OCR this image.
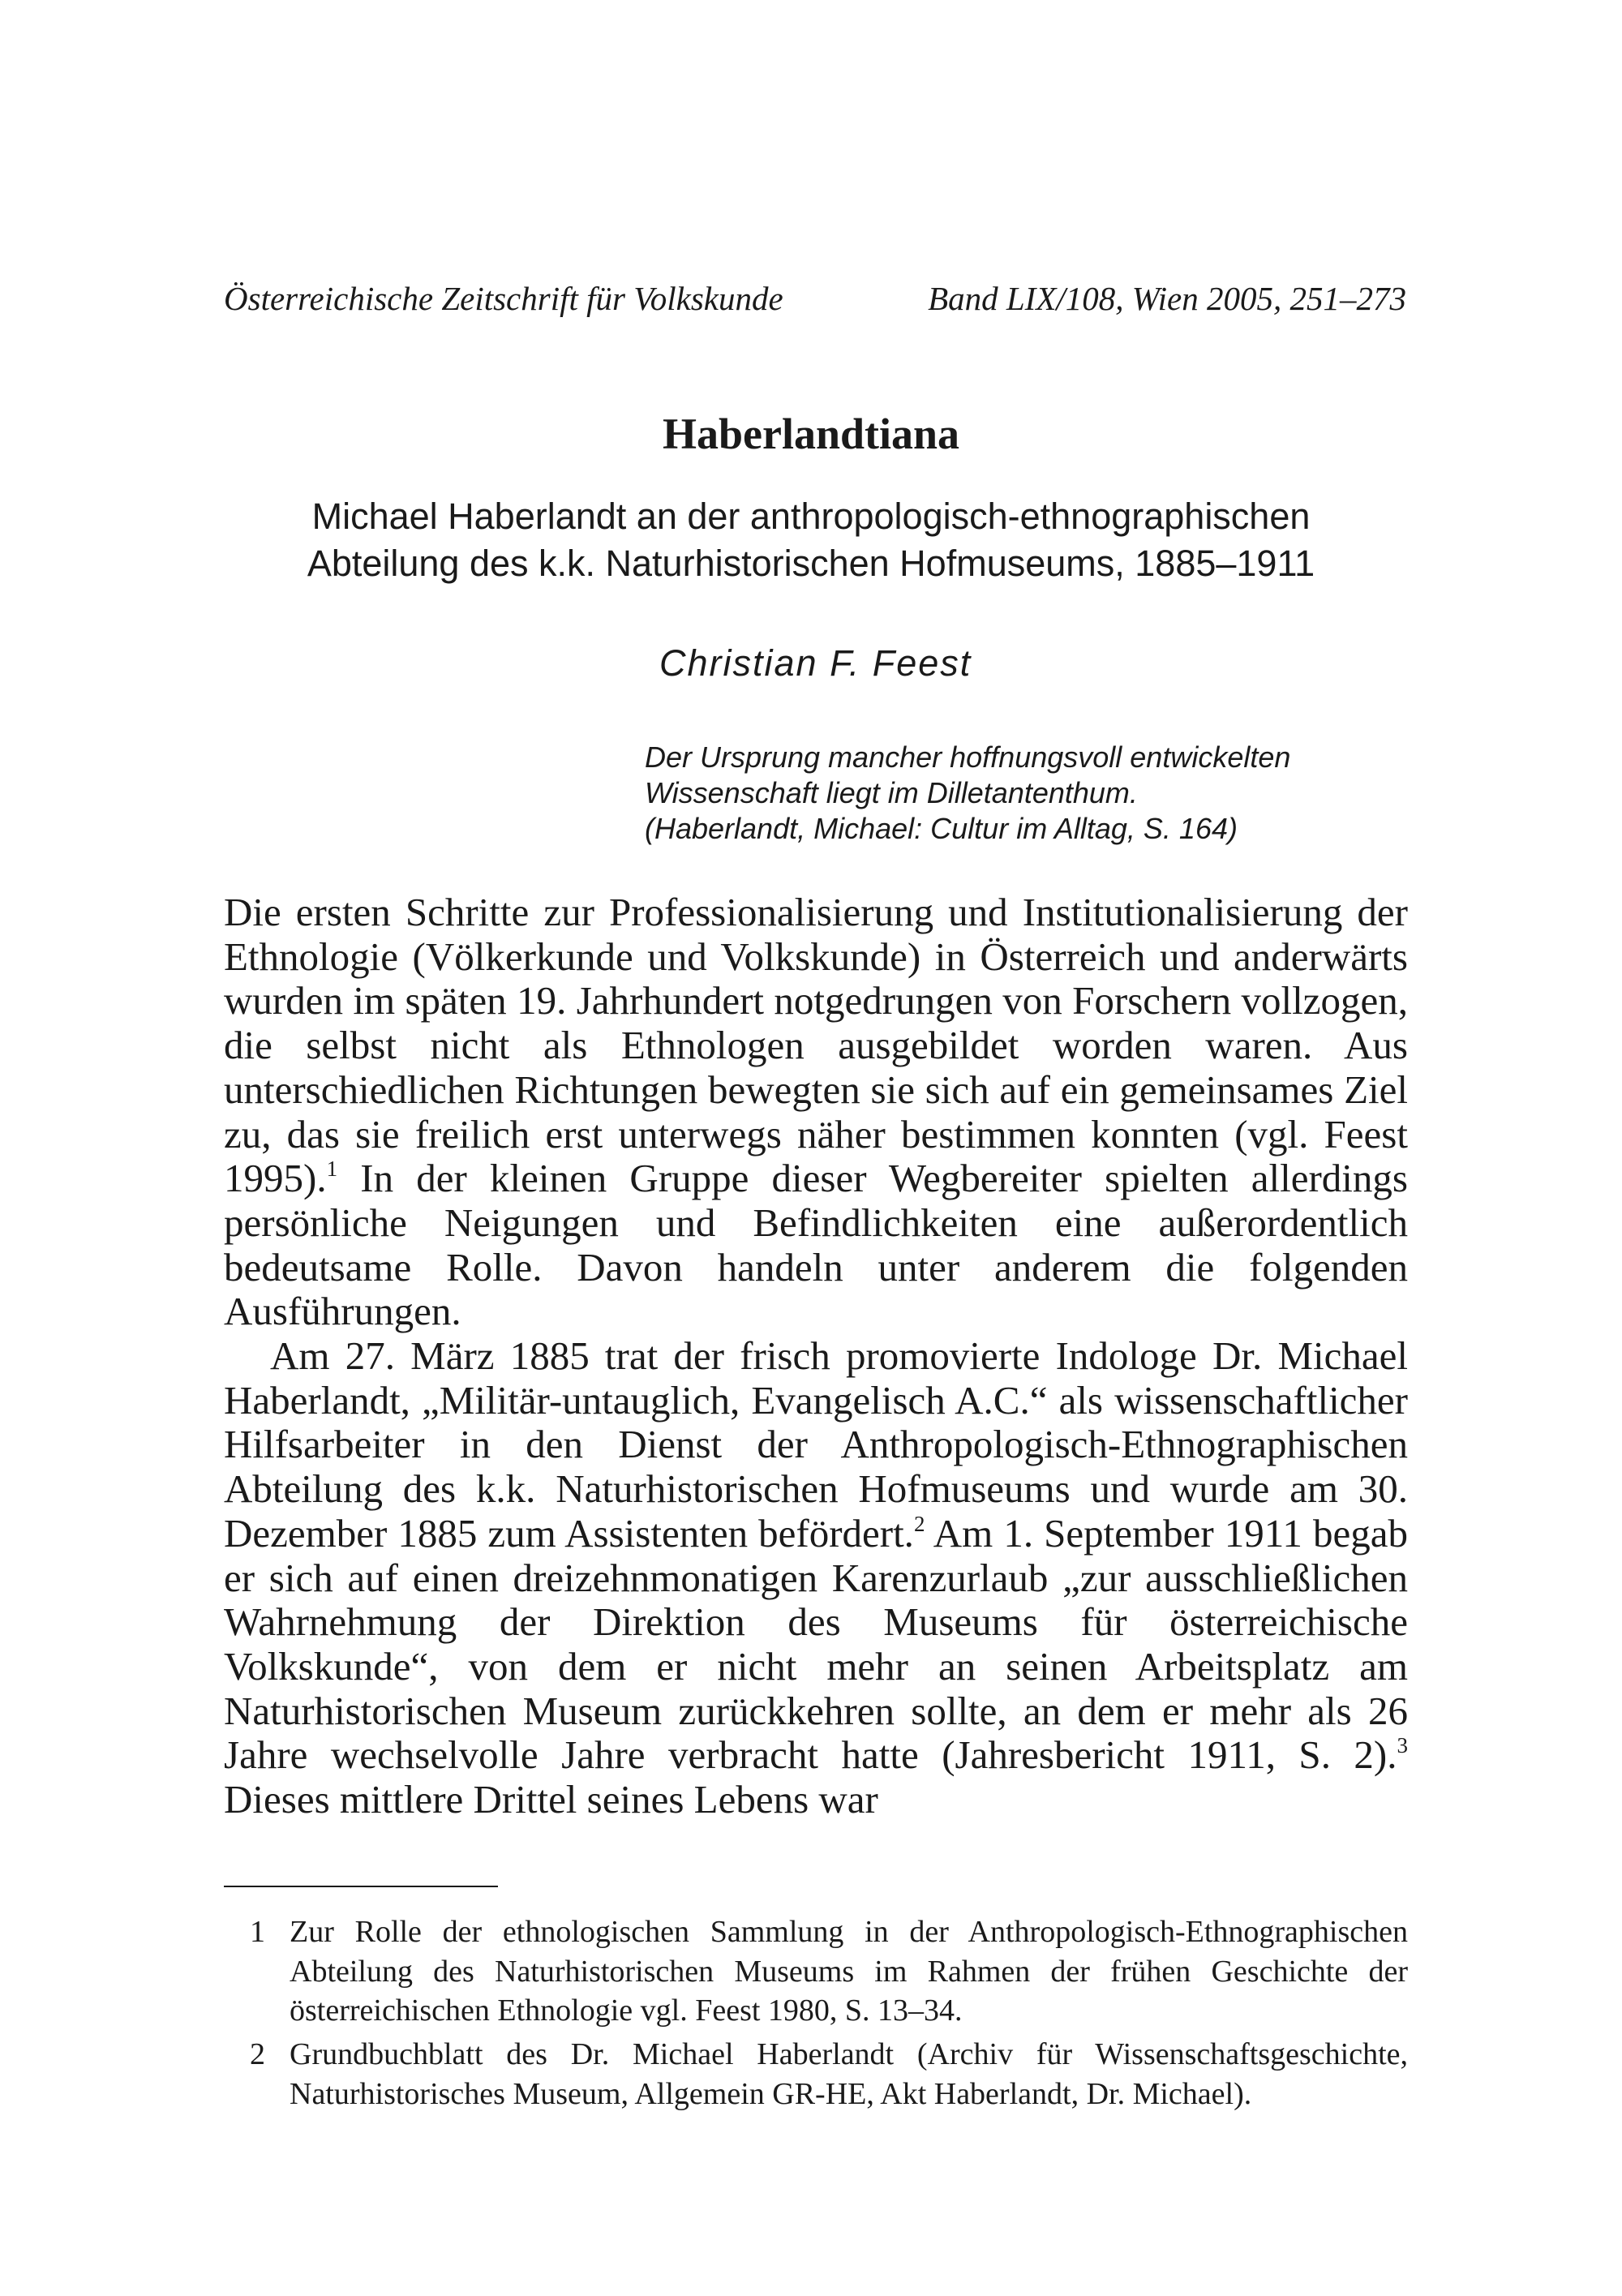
Österreichische Zeitschrift für Volkskunde	Band LIX/108, Wien 2005, 251–273
Haberlandtiana
Michael Haberlandt an der anthropologisch-ethnographischen
Abteilung des k.k. Naturhistorischen Hofmuseums, 1885–1911
Christian F. Feest
Der Ursprung mancher hoffnungsvoll entwickelten
Wissenschaft liegt im Dilletantenthum.
(Haberlandt, Michael: Cultur im Alltag, S. 164)

Die ersten Schritte zur Professionalisierung und Institutionalisierung der Ethnologie (Völkerkunde und Volkskunde) in Österreich und anderwärts wurden im späten 19. Jahrhundert notgedrungen von Forschern vollzogen, die selbst nicht als Ethnologen ausgebildet worden waren. Aus unterschiedlichen Richtungen bewegten sie sich auf ein gemeinsames Ziel zu, das sie freilich erst unterwegs näher bestimmen konnten (vgl. Feest 1995).$^1$ In der kleinen Gruppe dieser Wegbereiter spielten allerdings persönliche Neigungen und Befindlichkeiten eine außerordentlich bedeutsame Rolle. Davon handeln unter anderem die folgenden Ausführungen.

Am 27. März 1885 trat der frisch promovierte Indologe Dr. Michael Haberlandt, „Militär-untauglich, Evangelisch A.C.“ als wissenschaftlicher Hilfsarbeiter in den Dienst der Anthropologisch-Ethnographischen Abteilung des k.k. Naturhistorischen Hofmuseums und wurde am 30. Dezember 1885 zum Assistenten befördert.$^2$ Am 1. September 1911 begab er sich auf einen dreizehnmonatigen Karenzurlaub „zur ausschließlichen Wahrnehmung der Direktion des Museums für österreichische Volkskunde“, von dem er nicht mehr an seinen Arbeitsplatz am Naturhistorischen Museum zurückkehren sollte, an dem er mehr als 26 Jahre wechselvolle Jahre verbracht hatte (Jahresbericht 1911, S. 2).$^3$ Dieses mittlere Drittel seines Lebens war

1 Zur Rolle der ethnologischen Sammlung in der Anthropologisch-Ethnographischen Abteilung des Naturhistorischen Museums im Rahmen der frühen Geschichte der österreichischen Ethnologie vgl. Feest 1980, S. 13–34.
2 Grundbuchblatt des Dr. Michael Haberlandt (Archiv für Wissenschaftsgeschichte, Naturhistorisches Museum, Allgemein GR-HE, Akt Haberlandt, Dr. Michael).
